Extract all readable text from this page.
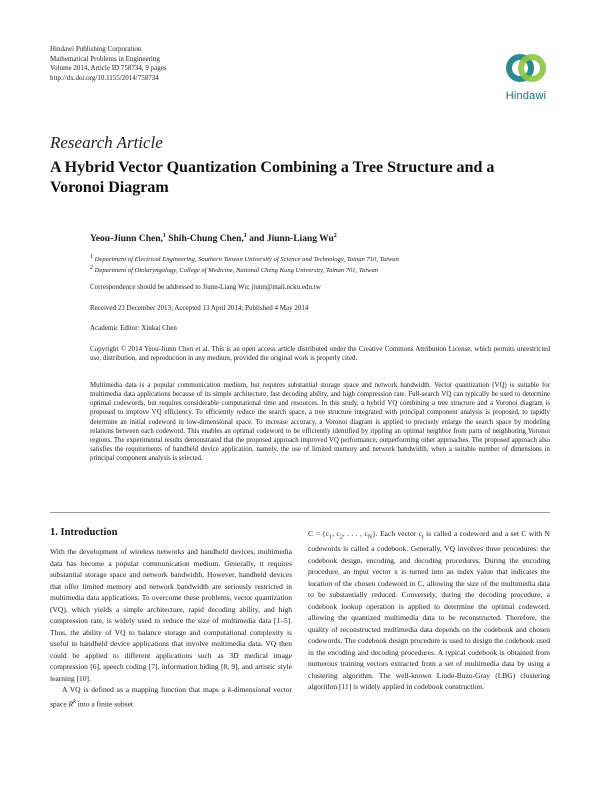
Hindawi Publishing Corporation
Mathematical Problems in Engineering
Volume 2014, Article ID 758734, 9 pages
http://dx.doi.org/10.1155/2014/758734
Hindawi
Research Article
A Hybrid Vector Quantization Combining a Tree Structure and a Voronoi Diagram
Yeou-Jiunn Chen,$^1$ Shih-Chung Chen,$^1$ and Jiunn-Liang Wu$^2$
$^1$ Department of Electrical Engineering, Southern Taiwan University of Science and Technology, Tainan 710, Taiwan
$^2$ Department of Otolaryngology, College of Medicine, National Cheng Kung University, Tainan 701, Taiwan
Correspondence should be addressed to Jiunn-Liang Wu; jiunn@mail.ncku.edu.tw
Received 23 December 2013; Accepted 13 April 2014; Published 4 May 2014
Academic Editor: Xinkai Chen
Copyright © 2014 Yeou-Jiunn Chen et al. This is an open access article distributed under the Creative Commons Attribution License, which permits unrestricted use, distribution, and reproduction in any medium, provided the original work is properly cited.
Multimedia data is a popular communication medium, but requires substantial storage space and network bandwidth. Vector quantization (VQ) is suitable for multimedia data applications because of its simple architecture, fast decoding ability, and high compression rate. Full-search VQ can typically be used to determine optimal codewords, but requires considerable computational time and resources. In this study, a hybrid VQ combining a tree structure and a Voronoi diagram is proposed to improve VQ efficiency. To efficiently reduce the search space, a tree structure integrated with principal component analysis is proposed, to rapidly determine an initial codeword in low-dimensional space. To increase accuracy, a Voronoi diagram is applied to precisely enlarge the search space by modeling relations between each codeword. This enables an optimal codeword to be efficiently identified by rippling an optimal neighbor from parts of neighboring Voronoi regions. The experimental results demonstrated that the proposed approach improved VQ performance, outperforming other approaches. The proposed approach also satisfies the requirements of handheld device application, namely, the use of limited memory and network bandwidth, when a suitable number of dimensions in principal component analysis is selected.
1. Introduction

With the development of wireless networks and handheld devices, multimedia data has become a popular communication medium. Generally, it requires substantial storage space and network bandwidth. However, handheld devices that offer limited memory and network bandwidth are seriously restricted in multimedia data applications. To overcome these problems, vector quantization (VQ), which yields a simple architecture, rapid decoding ability, and high compression rate, is widely used to reduce the size of multimedia data [1–5]. Thus, the ability of VQ to balance storage and computational complexity is useful in handheld device applications that involve multimedia data. VQ then could be applied to different applications such as 3D medical image compression [6], speech coding [7], information hiding [8, 9], and artistic style learning [10].

A VQ is defined as a mapping function that maps a k-dimensional vector space $R^k$ into a finite subset

$C = \{c_1$, $c_2$, . . . , $c_N$}. Each vector $c_i$ is called a codeword and a set C with N codewords is called a codebook. Generally, VQ involves three procedures: the codebook design, encoding, and decoding procedures. During the encoding procedure, an input vector x is turned into an index value that indicates the location of the chosen codeword in C, allowing the size of the multimedia data to be substantially reduced. Conversely, during the decoding procedure, a codebook lookup operation is applied to determine the optimal codeword, allowing the quantized multimedia data to be reconstructed. Therefore, the quality of reconstructed multimedia data depends on the codebook and chosen codewords. The codebook design procedure is used to design the codebook used in the encoding and decoding procedures. A typical codebook is obtained from numerous training vectors extracted from a set of multimedia data by using a clustering algorithm. The well-known Linde-Buzo-Gray (LBG) clustering algorithm [11] is widely applied in codebook construction.
